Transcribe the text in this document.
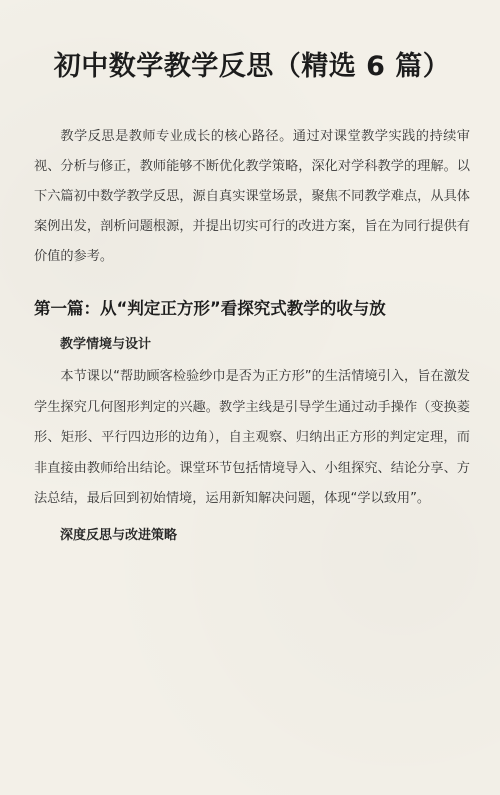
初中数学教学反思（精选 6 篇）

教学反思是教师专业成长的核心路径。通过对课堂教学实践的持续审视、分析与修正，教师能够不断优化教学策略，深化对学科教学的理解。以下六篇初中数学教学反思，源自真实课堂场景，聚焦不同教学难点，从具体案例出发，剖析问题根源，并提出切实可行的改进方案，旨在为同行提供有价值的参考。

第一篇：从“判定正方形”看探究式教学的收与放
教学情境与设计

本节课以“帮助顾客检验纱巾是否为正方形”的生活情境引入，旨在激发学生探究几何图形判定的兴趣。教学主线是引导学生通过动手操作（变换菱形、矩形、平行四边形的边角），自主观察、归纳出正方形的判定定理，而非直接由教师给出结论。课堂环节包括情境导入、小组探究、结论分享、方法总结，最后回到初始情境，运用新知解决问题，体现“学以致用”。

深度反思与改进策略
